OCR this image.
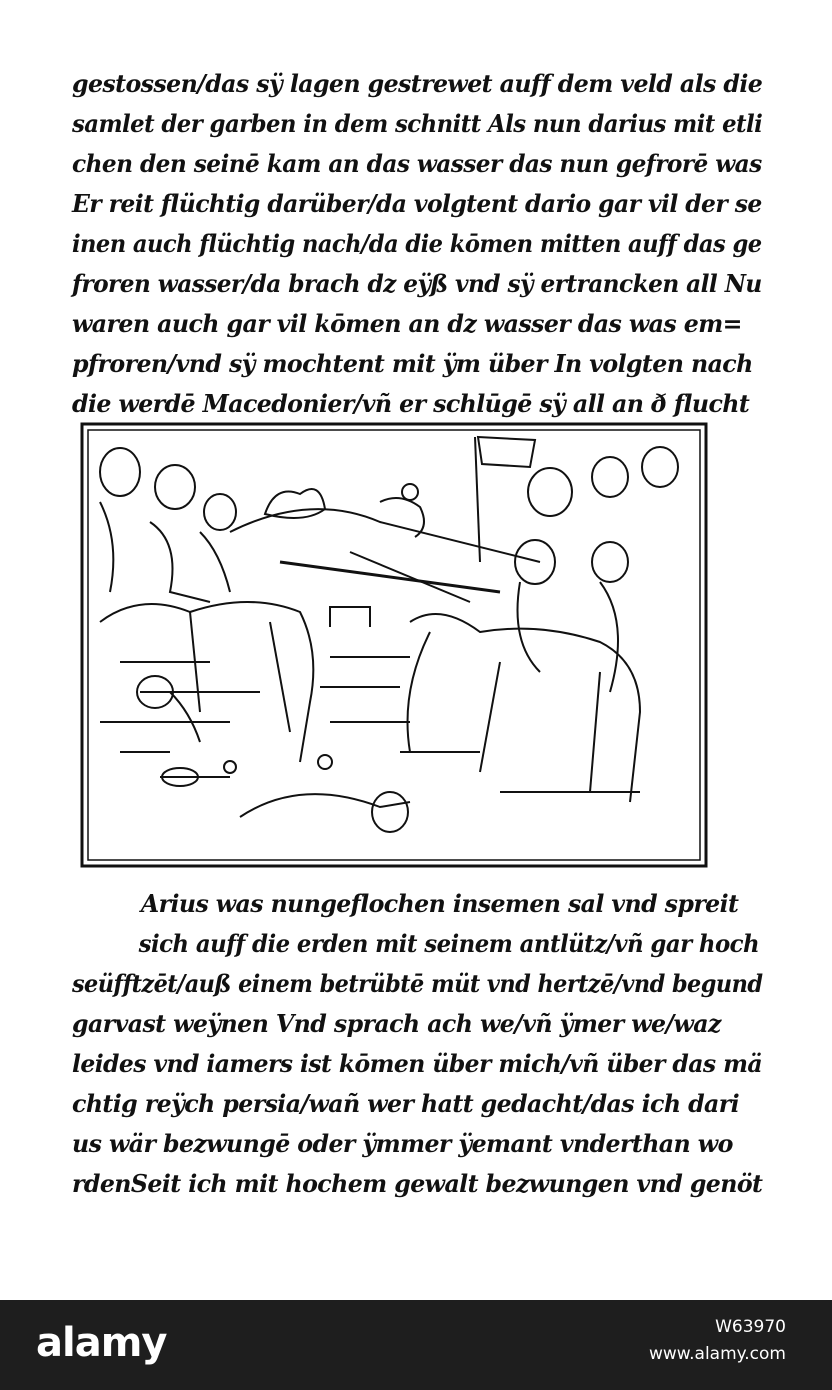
gestossen/das sÿ lagen gestrewet auff dem veld als die
samlet der garben in dem schnitt Als nun darius mit etli
chen den seinē kam an das wasser das nun gefrorē was
Er reit flüchtig darüber/da volgtent dario gar vil der se
inen auch flüchtig nach/da die kōmen mitten auff das ge
froren wasser/da brach dz eÿß vnd sÿ ertrancken all Nu
waren auch gar vil kōmen an dz wasser das was em=
pfroren/vnd sÿ mochtent mit ÿm über In volgten nach
die werdē Macedonier/vñ er schlūgē sÿ all an ð flucht
Arius was nungeflochen insemen sal vnd spreit
sich auff die erden mit seinem antlütz/vñ gar hoch
seüfftzēt/auß einem betrübtē müt vnd hertzē/vnd begund
garvast weÿnen Vnd sprach ach we/vñ ÿmer we/waz
leides vnd iamers ist kōmen über mich/vñ über das mä
chtig reÿch persia/wañ wer hatt gedacht/das ich dari
us wär bezwungē oder ÿmmer ÿemant vnderthan wo
rdenSeit ich mit hochem gewalt bezwungen vnd genöt
alamy	W63970
www.alamy.com
